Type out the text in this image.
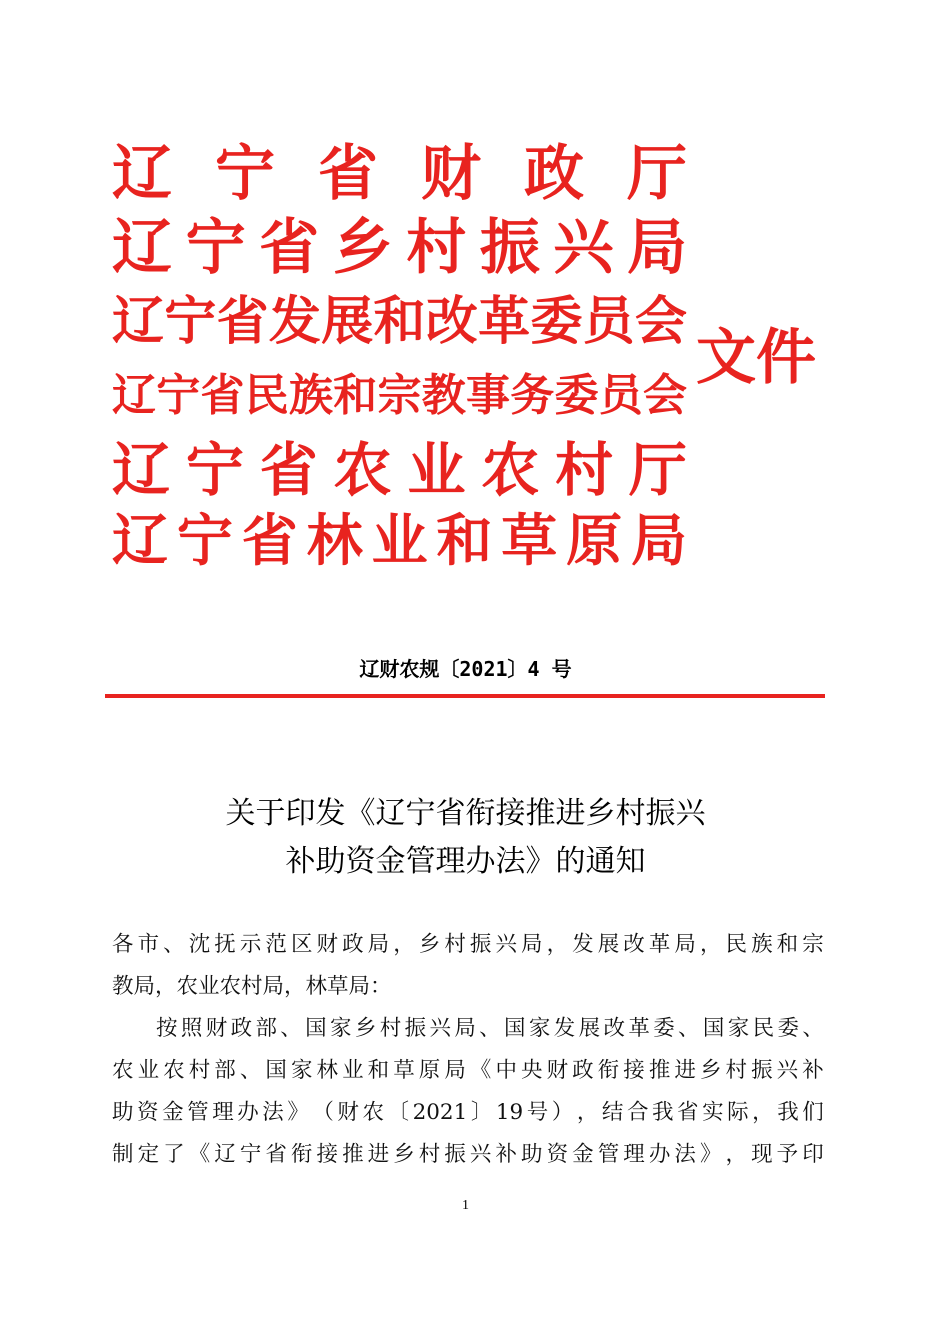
辽 宁 省 财 政 厅
辽 宁 省 乡 村 振 兴 局
辽 宁 省 发 展 和 改 革 委 员 会
辽 宁 省 民 族 和 宗 教 事 务 委 员 会
辽 宁 省 农 业 农 村 厅
辽 宁 省 林 业 和 草 原 局
文件
辽财农规〔2021〕4 号
关于印发《辽宁省衔接推进乡村振兴
补助资金管理办法》的通知
各 市 、 沈 抚 示 范 区 财 政 局 ， 乡 村 振 兴 局 ， 发 展 改 革 局 ， 民 族 和 宗
教局，农业农村局，林草局：
按 照 财 政 部 、 国 家 乡 村 振 兴 局 、 国 家 发 展 改 革 委 、 国 家 民 委 、
农 业 农 村 部 、 国 家 林 业 和 草 原 局 《 中 央 财 政 衔 接 推 进 乡 村 振 兴 补
助 资 金 管 理 办 法 》 （ 财 农 〔 2021 〕 19 号 ） ， 结 合 我 省 实 际 ， 我 们
制 定 了 《 辽 宁 省 衔 接 推 进 乡 村 振 兴 补 助 资 金 管 理 办 法 》 ， 现 予 印
1
